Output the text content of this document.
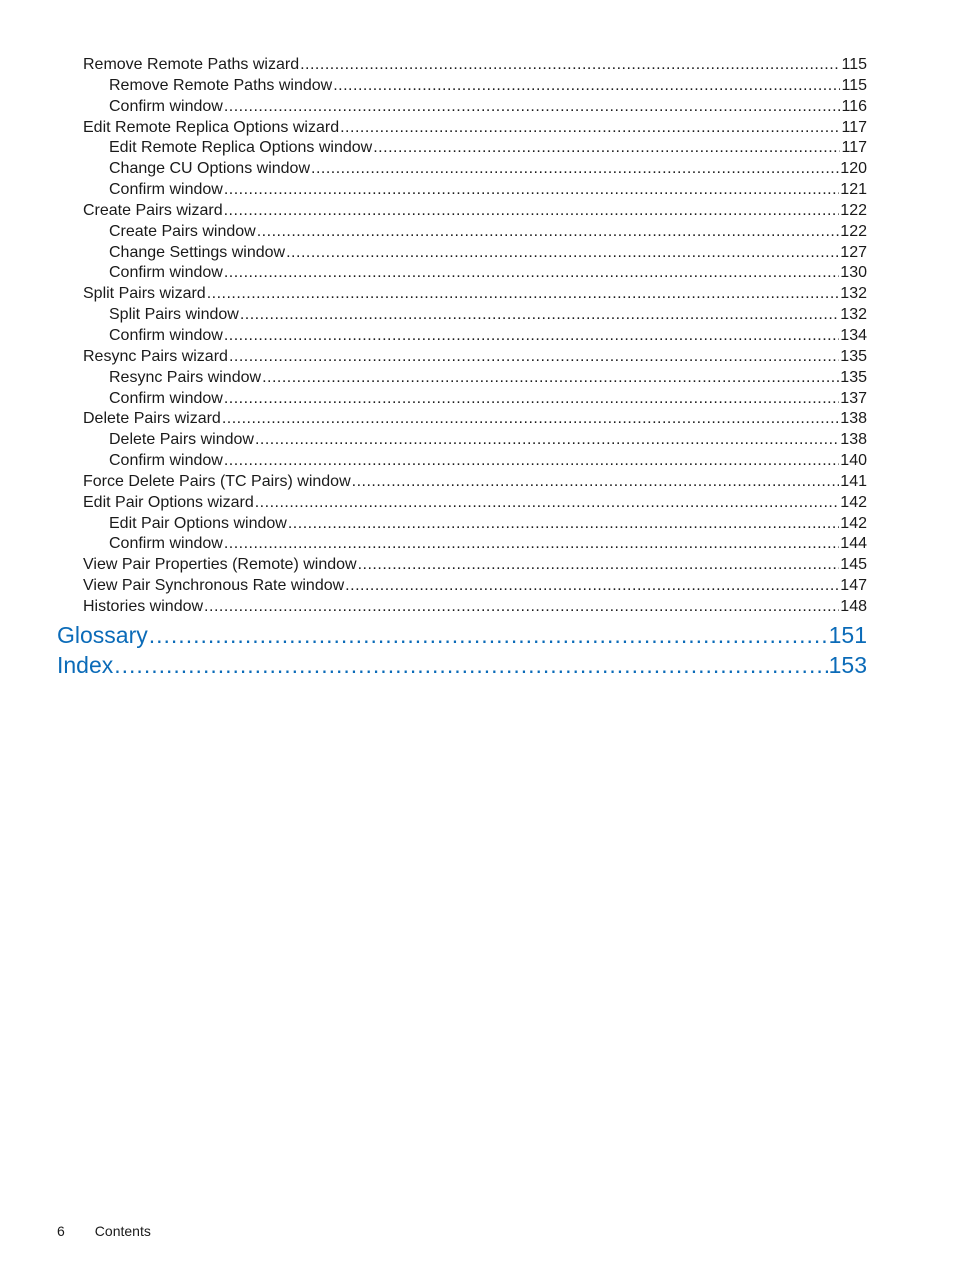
Remove Remote Paths wizard .....	115
Remove Remote Paths window .....	115
Confirm window .....	116
Edit Remote Replica Options wizard .....	117
Edit Remote Replica Options window .....	117
Change CU Options window .....	120
Confirm window .....	121
Create Pairs wizard .....	122
Create Pairs window .....	122
Change Settings window .....	127
Confirm window .....	130
Split Pairs wizard .....	132
Split Pairs window .....	132
Confirm window .....	134
Resync Pairs wizard .....	135
Resync Pairs window .....	135
Confirm window .....	137
Delete Pairs wizard .....	138
Delete Pairs window .....	138
Confirm window .....	140
Force Delete Pairs (TC Pairs) window .....	141
Edit Pair Options wizard .....	142
Edit Pair Options window .....	142
Confirm window .....	144
View Pair Properties (Remote) window .....	145
View Pair Synchronous Rate window .....	147
Histories window .....	148
Glossary .....	151
Index .....	153
6 Contents
